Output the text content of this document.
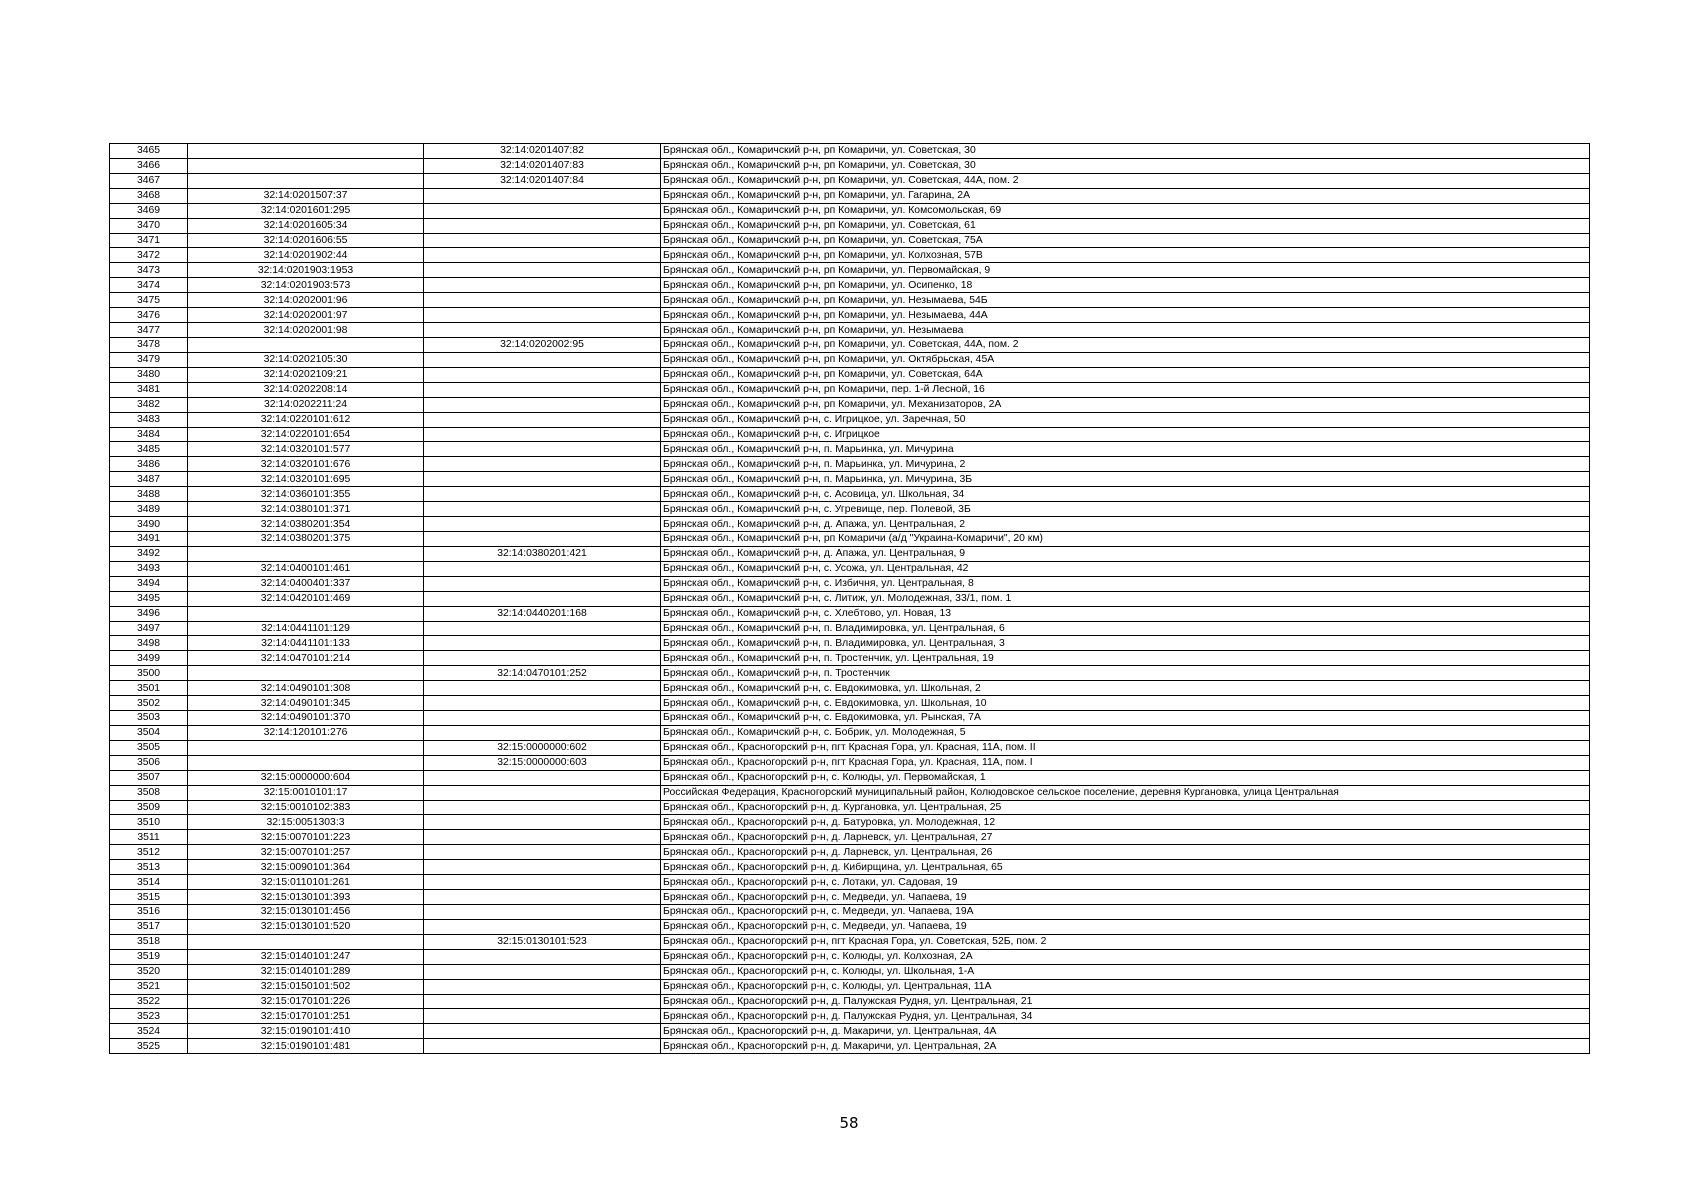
3465		32:14:0201407:82	Брянская обл., Комаричский р-н, рп Комаричи, ул. Советская, 30
3466		32:14:0201407:83	Брянская обл., Комаричский р-н, рп Комаричи, ул. Советская, 30
3467		32:14:0201407:84	Брянская обл., Комаричский р-н, рп Комаричи, ул. Советская, 44А, пом. 2
3468	32:14:0201507:37		Брянская обл., Комаричский р-н, рп Комаричи, ул. Гагарина, 2А
3469	32:14:0201601:295		Брянская обл., Комаричский р-н, рп Комаричи, ул. Комсомольская, 69
3470	32:14:0201605:34		Брянская обл., Комаричский р-н, рп Комаричи, ул. Советская, 61
3471	32:14:0201606:55		Брянская обл., Комаричский р-н, рп Комаричи, ул. Советская, 75А
3472	32:14:0201902:44		Брянская обл., Комаричский р-н, рп Комаричи, ул. Колхозная, 57В
3473	32:14:0201903:1953		Брянская обл., Комаричский р-н, рп Комаричи, ул. Первомайская, 9
3474	32:14:0201903:573		Брянская обл., Комаричский р-н, рп Комаричи, ул. Осипенко, 18
3475	32:14:0202001:96		Брянская обл., Комаричский р-н, рп Комаричи, ул. Незымаева, 54Б
3476	32:14:0202001:97		Брянская обл., Комаричский р-н, рп Комаричи, ул. Незымаева, 44А
3477	32:14:0202001:98		Брянская обл., Комаричский р-н, рп Комаричи, ул. Незымаева
3478		32:14:0202002:95	Брянская обл., Комаричский р-н, рп Комаричи, ул. Советская, 44А, пом. 2
3479	32:14:0202105:30		Брянская обл., Комаричский р-н, рп Комаричи, ул. Октябрьская, 45А
3480	32:14:0202109:21		Брянская обл., Комаричский р-н, рп Комаричи, ул. Советская, 64А
3481	32:14:0202208:14		Брянская обл., Комаричский р-н, рп Комаричи, пер. 1-й Лесной, 16
3482	32:14:0202211:24		Брянская обл., Комаричский р-н, рп Комаричи, ул. Механизаторов, 2А
3483	32:14:0220101:612		Брянская обл., Комаричский р-н, с. Игрицкое, ул. Заречная, 50
3484	32:14:0220101:654		Брянская обл., Комаричский р-н, с. Игрицкое
3485	32:14:0320101:577		Брянская обл., Комаричский р-н, п. Марьинка, ул. Мичурина
3486	32:14:0320101:676		Брянская обл., Комаричский р-н, п. Марьинка, ул. Мичурина, 2
3487	32:14:0320101:695		Брянская обл., Комаричский р-н, п. Марьинка, ул. Мичурина, 3Б
3488	32:14:0360101:355		Брянская обл., Комаричский р-н, с. Асовица, ул. Школьная, 34
3489	32:14:0380101:371		Брянская обл., Комаричский р-н, с. Угревище, пер. Полевой, 3Б
3490	32:14:0380201:354		Брянская обл., Комаричский р-н, д. Апажа, ул. Центральная, 2
3491	32:14:0380201:375		Брянская обл., Комаричский р-н, рп Комаричи (а/д "Украина-Комаричи", 20 км)
3492		32:14:0380201:421	Брянская обл., Комаричский р-н, д. Апажа, ул. Центральная, 9
3493	32:14:0400101:461		Брянская обл., Комаричский р-н, с. Усожа, ул. Центральная, 42
3494	32:14:0400401:337		Брянская обл., Комаричский р-н, с. Избичня, ул. Центральная, 8
3495	32:14:0420101:469		Брянская обл., Комаричский р-н, с. Литиж, ул. Молодежная, 33/1, пом. 1
3496		32:14:0440201:168	Брянская обл., Комаричский р-н, с. Хлебтово, ул. Новая, 13
3497	32:14:0441101:129		Брянская обл., Комаричский р-н, п. Владимировка, ул. Центральная, 6
3498	32:14:0441101:133		Брянская обл., Комаричский р-н, п. Владимировка, ул. Центральная, 3
3499	32:14:0470101:214		Брянская обл., Комаричский р-н, п. Тростенчик, ул. Центральная, 19
3500		32:14:0470101:252	Брянская обл., Комаричский р-н, п. Тростенчик
3501	32:14:0490101:308		Брянская обл., Комаричский р-н, с. Евдокимовка, ул. Школьная, 2
3502	32:14:0490101:345		Брянская обл., Комаричский р-н, с. Евдокимовка, ул. Школьная, 10
3503	32:14:0490101:370		Брянская обл., Комаричский р-н, с. Евдокимовка, ул. Рынская, 7А
3504	32:14:120101:276		Брянская обл., Комаричский р-н, с. Бобрик, ул. Молодежная, 5
3505		32:15:0000000:602	Брянская обл., Красногорский р-н, пгт Красная Гора, ул. Красная, 11А, пом. II
3506		32:15:0000000:603	Брянская обл., Красногорский р-н, пгт Красная Гора, ул. Красная, 11А, пом. I
3507	32:15:0000000:604		Брянская обл., Красногорский р-н, с. Колюды, ул. Первомайская, 1
3508	32:15:0010101:17		Российская Федерация, Красногорский муниципальный район, Колюдовское сельское поселение, деревня Кургановка, улица Центральная
3509	32:15:0010102:383		Брянская обл., Красногорский р-н, д. Кургановка, ул. Центральная, 25
3510	32:15:0051303:3		Брянская обл., Красногорский р-н, д. Батуровка, ул. Молодежная, 12
3511	32:15:0070101:223		Брянская обл., Красногорский р-н, д. Ларневск, ул. Центральная, 27
3512	32:15:0070101:257		Брянская обл., Красногорский р-н, д. Ларневск, ул. Центральная, 26
3513	32:15:0090101:364		Брянская обл., Красногорский р-н, д. Кибирщина, ул. Центральная, 65
3514	32:15:0110101:261		Брянская обл., Красногорский р-н, с. Лотаки, ул. Садовая, 19
3515	32:15:0130101:393		Брянская обл., Красногорский р-н, с. Медведи, ул. Чапаева, 19
3516	32:15:0130101:456		Брянская обл., Красногорский р-н, с. Медведи, ул. Чапаева, 19А
3517	32:15:0130101:520		Брянская обл., Красногорский р-н, с. Медведи, ул. Чапаева, 19
3518		32:15:0130101:523	Брянская обл., Красногорский р-н, пгт Красная Гора, ул. Советская, 52Б, пом. 2
3519	32:15:0140101:247		Брянская обл., Красногорский р-н, с. Колюды, ул. Колхозная, 2А
3520	32:15:0140101:289		Брянская обл., Красногорский р-н, с. Колюды, ул. Школьная, 1-А
3521	32:15:0150101:502		Брянская обл., Красногорский р-н, с. Колюды, ул. Центральная, 11А
3522	32:15:0170101:226		Брянская обл., Красногорский р-н, д. Палужская Рудня, ул. Центральная, 21
3523	32:15:0170101:251		Брянская обл., Красногорский р-н, д. Палужская Рудня, ул. Центральная, 34
3524	32:15:0190101:410		Брянская обл., Красногорский р-н, д. Макаричи, ул. Центральная, 4А
3525	32:15:0190101:481		Брянская обл., Красногорский р-н, д. Макаричи, ул. Центральная, 2А
58
